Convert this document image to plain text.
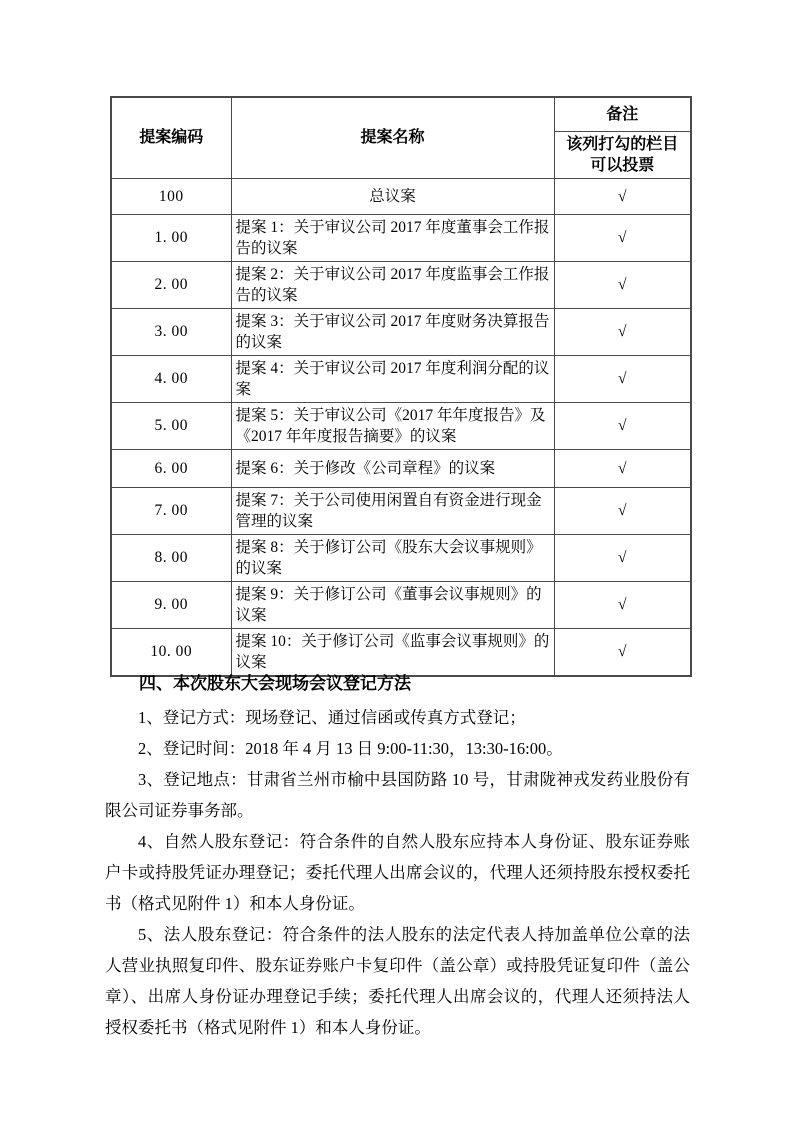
提案编码	提案名称	备注
		该列打勾的栏目可以投票
100	总议案	√
1. 00	提案 1：关于审议公司 2017 年度董事会工作报告的议案	√
2. 00	提案 2：关于审议公司 2017 年度监事会工作报告的议案	√
3. 00	提案 3：关于审议公司 2017 年度财务决算报告的议案	√
4. 00	提案 4：关于审议公司 2017 年度利润分配的议案	√
5. 00	提案 5：关于审议公司《2017 年年度报告》及《2017 年年度报告摘要》的议案	√
6. 00	提案 6：关于修改《公司章程》的议案	√
7. 00	提案 7：关于公司使用闲置自有资金进行现金管理的议案	√
8. 00	提案 8：关于修订公司《股东大会议事规则》的议案	√
9. 00	提案 9：关于修订公司《董事会议事规则》的议案	√
10. 00	提案 10：关于修订公司《监事会议事规则》的议案	√
四、本次股东大会现场会议登记方法

1、登记方式：现场登记、通过信函或传真方式登记；

2、登记时间：2018 年 4 月 13 日 9:00-11:30，13:30-16:00。

3、登记地点：甘肃省兰州市榆中县国防路 10 号，甘肃陇神戎发药业股份有限公司证券事务部。

4、自然人股东登记：符合条件的自然人股东应持本人身份证、股东证券账户卡或持股凭证办理登记；委托代理人出席会议的，代理人还须持股东授权委托书（格式见附件 1）和本人身份证。

5、法人股东登记：符合条件的法人股东的法定代表人持加盖单位公章的法人营业执照复印件、股东证券账户卡复印件（盖公章）或持股凭证复印件（盖公章）、出席人身份证办理登记手续；委托代理人出席会议的，代理人还须持法人授权委托书（格式见附件 1）和本人身份证。
